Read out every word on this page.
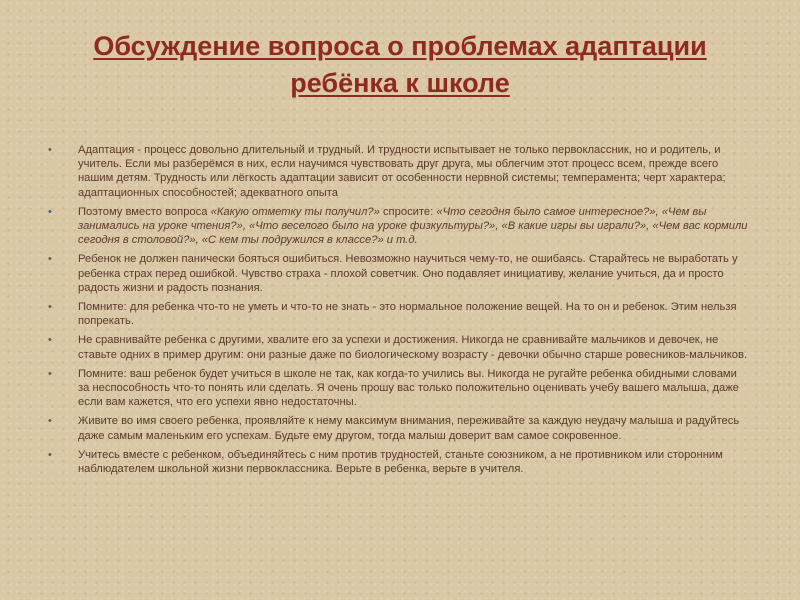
Обсуждение вопроса о проблемах адаптации
ребёнка к школе
• Адаптация - процесс довольно длительный и трудный. И трудности испытывает не только первоклассник, но и родитель, и учитель. Если мы разберёмся в них, если научимся чувствовать друг друга, мы облегчим этот процесс всем, прежде всего нашим детям. Трудность или лёгкость адаптации зависит от особенности нервной системы; темперамента; черт характера; адаптационных способностей; адекватного опыта
• Поэтому вместо вопроса «Какую отметку ты получил?» спросите: «Что сегодня было самое интересное?», «Чем вы занимались на уроке чтения?», «Что веселого было на уроке физкультуры?», «В какие игры вы играли?», «Чем вас кормили сегодня в столовой?», «С кем ты подружился в классе?» и т.д.
• Ребенок не должен панически бояться ошибиться. Невозможно научиться чему-то, не ошибаясь. Старайтесь не выработать у ребенка страх перед ошибкой. Чувство страха - плохой советчик. Оно подавляет инициативу, желание учиться, да и просто радость жизни и радость познания.
• Помните: для ребенка что-то не уметь и что-то не знать - это нормальное положение вещей. На то он и ребенок. Этим нельзя попрекать.
• Не сравнивайте ребенка с другими, хвалите его за успехи и достижения. Никогда не сравнивайте мальчиков и девочек, не ставьте одних в пример другим: они разные даже по биологическому возрасту - девочки обычно старше ровесников-мальчиков.
• Помните: ваш ребенок будет учиться в школе не так, как когда-то учились вы. Никогда не ругайте ребенка обидными словами за неспособность что-то понять или сделать. Я очень прошу вас только положительно оценивать учебу вашего малыша, даже если вам кажется, что его успехи явно недостаточны.
• Живите во имя своего ребенка, проявляйте к нему максимум внимания, переживайте за каждую неудачу малыша и радуйтесь даже самым маленьким его успехам. Будьте ему другом, тогда малыш доверит вам самое сокровенное.
• Учитесь вместе с ребенком, объединяйтесь с ним против трудностей, станьте союзником, а не противником или сторонним наблюдателем школьной жизни первоклассника. Верьте в ребенка, верьте в учителя.
